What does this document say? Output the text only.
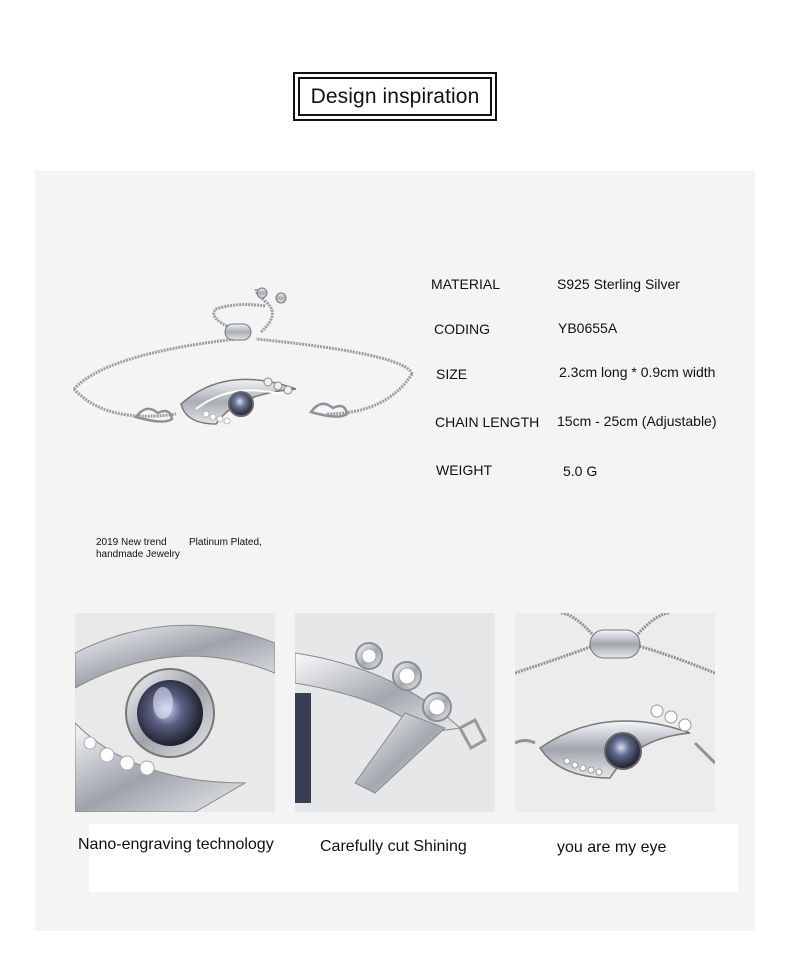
Design inspiration
MATERIAL	S925 Sterling Silver
CODING	YB0655A
SIZE	2.3cm long * 0.9cm width
CHAIN LENGTH 15cm - 25cm (Adjustable)
WEIGHT	5.0 G
2019 New trend Platinum Plated,
handmade Jewelry
Nano-engraving technology	Carefully cut Shining	you are my eye
